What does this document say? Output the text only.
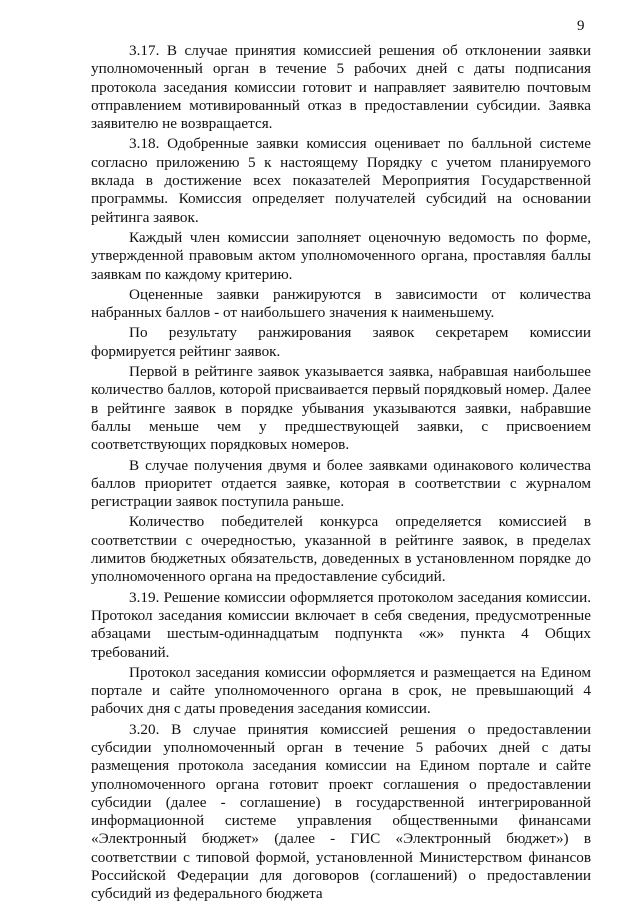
9

3.17. В случае принятия комиссией решения об отклонении заявки уполномоченный орган в течение 5 рабочих дней с даты подписания протокола заседания комиссии готовит и направляет заявителю почтовым отправлением мотивированный отказ в предоставлении субсидии. Заявка заявителю не возвращается.

3.18. Одобренные заявки комиссия оценивает по балльной системе согласно приложению 5 к настоящему Порядку с учетом планируемого вклада в достижение всех показателей Мероприятия Государственной программы. Комиссия определяет получателей субсидий на основании рейтинга заявок.

Каждый член комиссии заполняет оценочную ведомость по форме, утвержденной правовым актом уполномоченного органа, проставляя баллы заявкам по каждому критерию.

Оцененные заявки ранжируются в зависимости от количества набранных баллов - от наибольшего значения к наименьшему.

По результату ранжирования заявок секретарем комиссии формируется рейтинг заявок.

Первой в рейтинге заявок указывается заявка, набравшая наибольшее количество баллов, которой присваивается первый порядковый номер. Далее в рейтинге заявок в порядке убывания указываются заявки, набравшие баллы меньше чем у предшествующей заявки, с присвоением соответствующих порядковых номеров.

В случае получения двумя и более заявками одинакового количества баллов приоритет отдается заявке, которая в соответствии с журналом регистрации заявок поступила раньше.

Количество победителей конкурса определяется комиссией в соответствии с очередностью, указанной в рейтинге заявок, в пределах лимитов бюджетных обязательств, доведенных в установленном порядке до уполномоченного органа на предоставление субсидий.

3.19. Решение комиссии оформляется протоколом заседания комиссии. Протокол заседания комиссии включает в себя сведения, предусмотренные абзацами шестым-одиннадцатым подпункта «ж» пункта 4 Общих требований.

Протокол заседания комиссии оформляется и размещается на Едином портале и сайте уполномоченного органа в срок, не превышающий 4 рабочих дня с даты проведения заседания комиссии.

3.20. В случае принятия комиссией решения о предоставлении субсидии уполномоченный орган в течение 5 рабочих дней с даты размещения протокола заседания комиссии на Едином портале и сайте уполномоченного органа готовит проект соглашения о предоставлении субсидии (далее - соглашение) в государственной интегрированной информационной системе управления общественными финансами «Электронный бюджет» (далее - ГИС «Электронный бюджет») в соответствии с типовой формой, установленной Министерством финансов Российской Федерации для договоров (соглашений) о предоставлении субсидий из федерального бюджета
